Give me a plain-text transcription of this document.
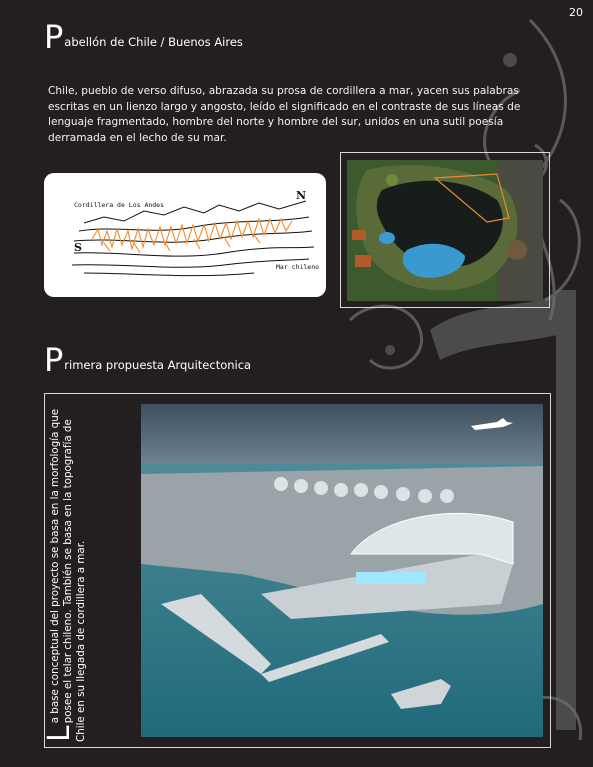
20
P abellón de Chile / Buenos Aires

Chile, pueblo de verso difuso, abrazada su prosa de cordillera a mar, yacen sus palabras escritas en un lienzo largo y angosto, leído el significado en el contraste de sus líneas de lenguaje fragmentado, hombre del norte y hombre del sur, unidos en una sutil poesía derramada en el lecho de su mar.

Cordillera de Los Andes
Mar chileno
N
S
P rimera propuesta Arquitectonica
L
a base conceptual del proyecto se basa en la morfología que posee el telar chileno. También se basa en la topografía de Chile en su llegada de cordillera a mar.
